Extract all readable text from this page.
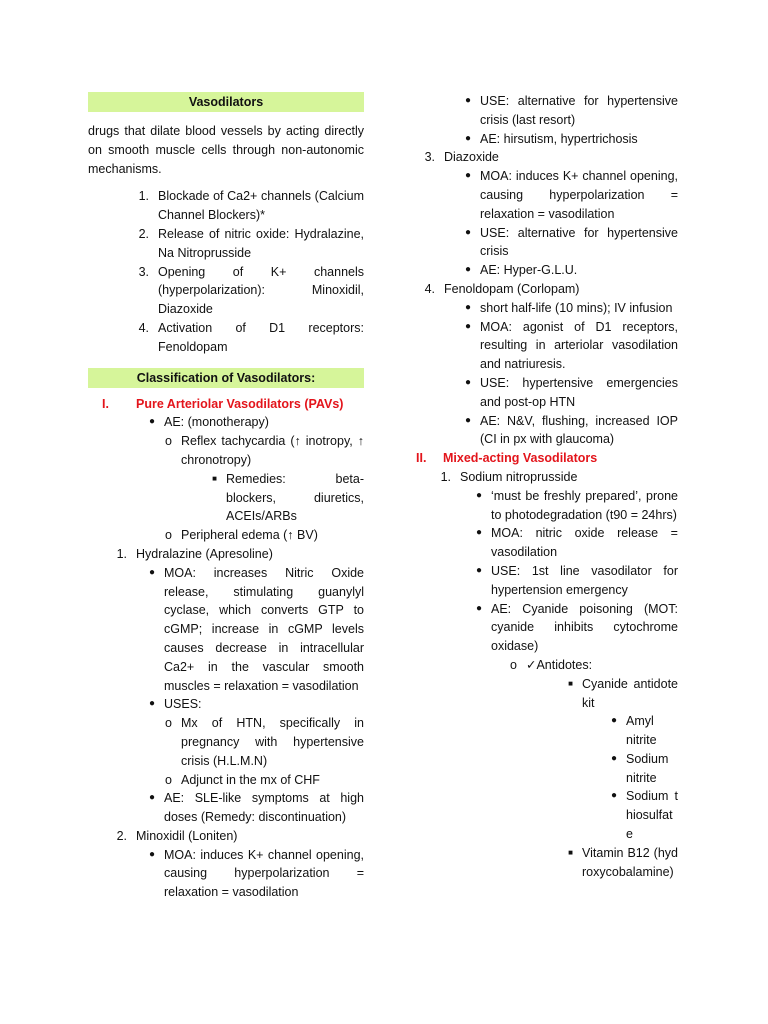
Vasodilators
drugs that dilate blood vessels by acting directly on smooth muscle cells through non-autonomic mechanisms.
1. Blockade of Ca2+ channels (Calcium Channel Blockers)*
2. Release of nitric oxide: Hydralazine, Na Nitroprusside
3. Opening of K+ channels (hyperpolarization): Minoxidil, Diazoxide
4. Activation of D1 receptors: Fenoldopam
Classification of Vasodilators:
I.	Pure Arteriolar Vasodilators (PAVs)
● AE: (monotherapy)
o Reflex tachycardia (↑ inotropy, ↑ chronotropy)
■ Remedies: beta-blockers, diuretics, ACEIs/ARBs
o Peripheral edema (↑ BV)
1. Hydralazine (Apresoline)
● MOA: increases Nitric Oxide release, stimulating guanylyl cyclase, which converts GTP to cGMP; increase in cGMP levels causes decrease in intracellular Ca2+ in the vascular smooth muscles = relaxation = vasodilation
● USES:
o Mx of HTN, specifically in pregnancy with hypertensive crisis (H.L.M.N)
o Adjunct in the mx of CHF
● AE: SLE-like symptoms at high doses (Remedy: discontinuation)
2. Minoxidil (Loniten)
● MOA: induces K+ channel opening, causing hyperpolarization = relaxation = vasodilation
● USE: alternative for hypertensive crisis (last resort)
● AE: hirsutism, hypertrichosis
3. Diazoxide
● MOA: induces K+ channel opening, causing hyperpolarization = relaxation = vasodilation
● USE: alternative for hypertensive crisis
● AE: Hyper-G.L.U.
4. Fenoldopam (Corlopam)
● short half-life (10 mins); IV infusion
● MOA: agonist of D1 receptors, resulting in arteriolar vasodilation and natriuresis.
● USE: hypertensive emergencies and post-op HTN
● AE: N&V, flushing, increased IOP (CI in px with glaucoma)
II.	Mixed-acting Vasodilators
1. Sodium nitroprusside
● ‘must be freshly prepared’, prone to photodegradation (t90 = 24hrs)
● MOA: nitric oxide release = vasodilation
● USE: 1st line vasodilator for hypertension emergency
● AE: Cyanide poisoning (MOT: cyanide inhibits cytochrome oxidase)
o ✓Antidotes:
■ Cyanide antidote kit
● Amyl nitrite
● Sodium nitrite
● Sodium thiosulfate
■ Vitamin B12 (hydroxycobalamine)
